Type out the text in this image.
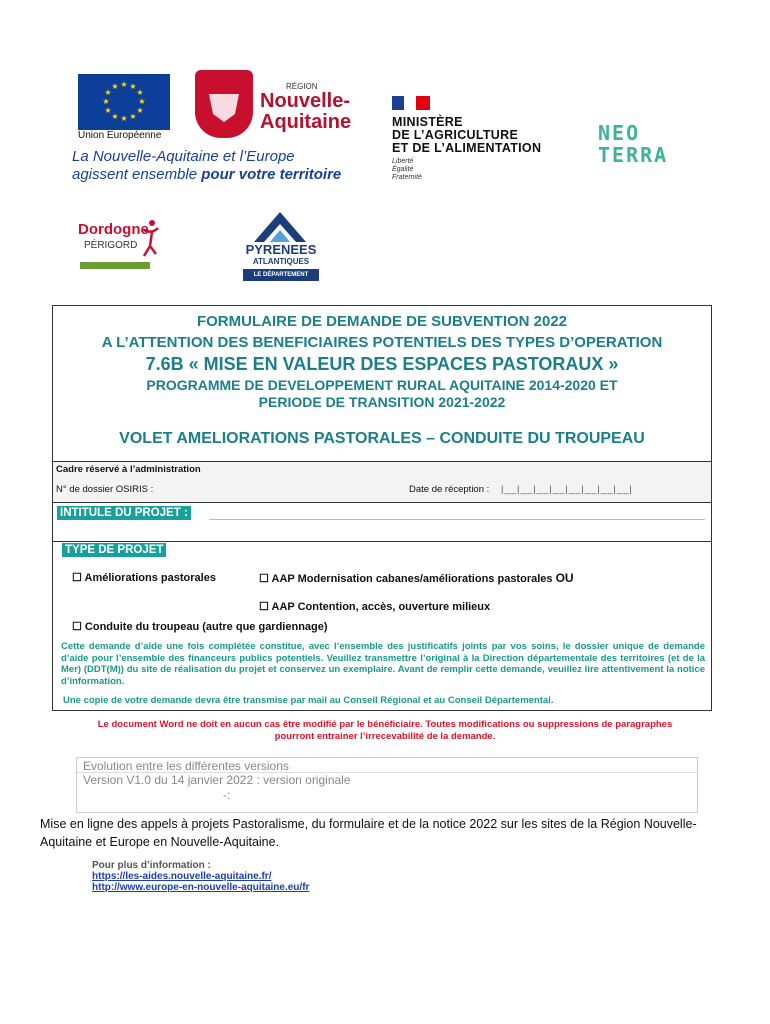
★ ★
★
★
★
★
★
★
★
★
★
★
Union Européenne
La Nouvelle-Aquitaine et l’Europe
agissent ensemble pour votre territoire
RÉGION
Nouvelle-
Aquitaine	MINISTÈRE
DE L’AGRICULTURE
ET DE L’ALIMENTATION
Liberté
Égalité
Fraternité
NEO
TERRA
Dordogne
PÉRIGORD	PYRENEES
ATLANTIQUES
LE DÉPARTEMENT
FORMULAIRE DE DEMANDE DE SUBVENTION 2022
A L’ATTENTION DES BENEFICIAIRES POTENTIELS DES TYPES D’OPERATION
7.6B « MISE EN VALEUR DES ESPACES PASTORAUX »
PROGRAMME DE DEVELOPPEMENT RURAL AQUITAINE 2014-2020 ET
PERIODE DE TRANSITION 2021-2022
VOLET AMELIORATIONS PASTORALES – CONDUITE DU TROUPEAU
Cadre réservé à l’administration
N° de dossier OSIRIS :	Date de réception : |__|__|__|__|__|__|__|__|
INTITULE DU PROJET :
TYPE DE PROJET
☐ Améliorations pastorales	☐ AAP Modernisation cabanes/améliorations pastorales OU
☐ AAP Contention, accès, ouverture milieux
☐ Conduite du troupeau (autre que gardiennage)
Cette demande d’aide une fois complétée constitue, avec l’ensemble des justificatifs joints par vos soins, le dossier unique de demande d’aide pour l’ensemble des financeurs publics potentiels. Veuillez transmettre l’original à la Direction départementale des territoires (et de la Mer) (DDT(M)) du site de réalisation du projet et conservez un exemplaire. Avant de remplir cette demande, veuillez lire attentivement la notice d’information.
Une copie de votre demande devra être transmise par mail au Conseil Régional et au Conseil Départemental.
Le document Word ne doit en aucun cas être modifié par le bénéficiaire. Toutes modifications ou suppressions de paragraphes
pourront entrainer l’irrecevabilité de la demande.
Evolution entre les différentes versions
Version V1.0 du 14 janvier 2022 : version originale
-:
Mise en ligne des appels à projets Pastoralisme, du formulaire et de la notice 2022 sur les sites de la Région Nouvelle-Aquitaine et Europe en Nouvelle-Aquitaine.
Pour plus d’information :
https://les-aides.nouvelle-aquitaine.fr/
http://www.europe-en-nouvelle-aquitaine.eu/fr
